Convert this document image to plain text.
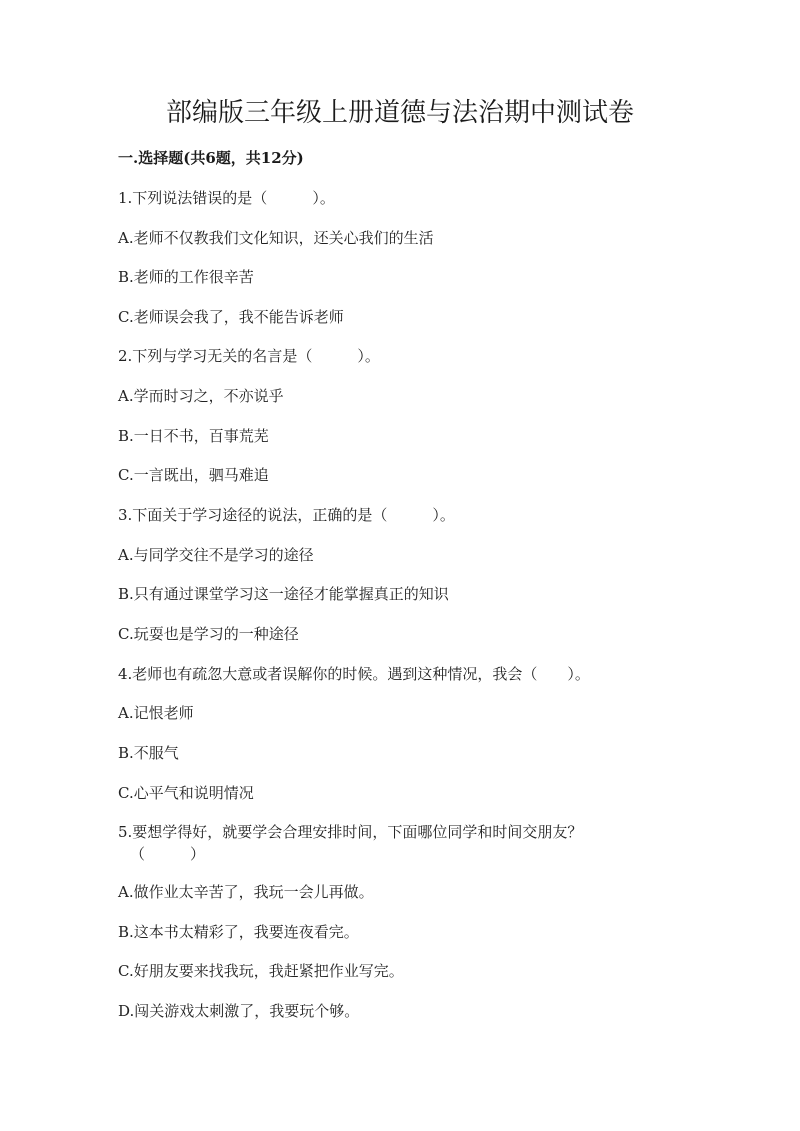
部编版三年级上册道德与法治期中测试卷
一.选择题(共6题，共12分)
1.下列说法错误的是（　　　）。
A.老师不仅教我们文化知识，还关心我们的生活
B.老师的工作很辛苦
C.老师误会我了，我不能告诉老师
2.下列与学习无关的名言是（　　　）。
A.学而时习之，不亦说乎
B.一日不书，百事荒芜
C.一言既出，驷马难追
3.下面关于学习途径的说法，正确的是（　　　）。
A.与同学交往不是学习的途径
B.只有通过课堂学习这一途径才能掌握真正的知识
C.玩耍也是学习的一种途径
4.老师也有疏忽大意或者误解你的时候。遇到这种情况，我会（　　）。
A.记恨老师
B.不服气
C.心平气和说明情况
5.要想学得好，就要学会合理安排时间，下面哪位同学和时间交朋友？
（　　　）
A.做作业太辛苦了，我玩一会儿再做。
B.这本书太精彩了，我要连夜看完。
C.好朋友要来找我玩，我赶紧把作业写完。
D.闯关游戏太刺激了，我要玩个够。
